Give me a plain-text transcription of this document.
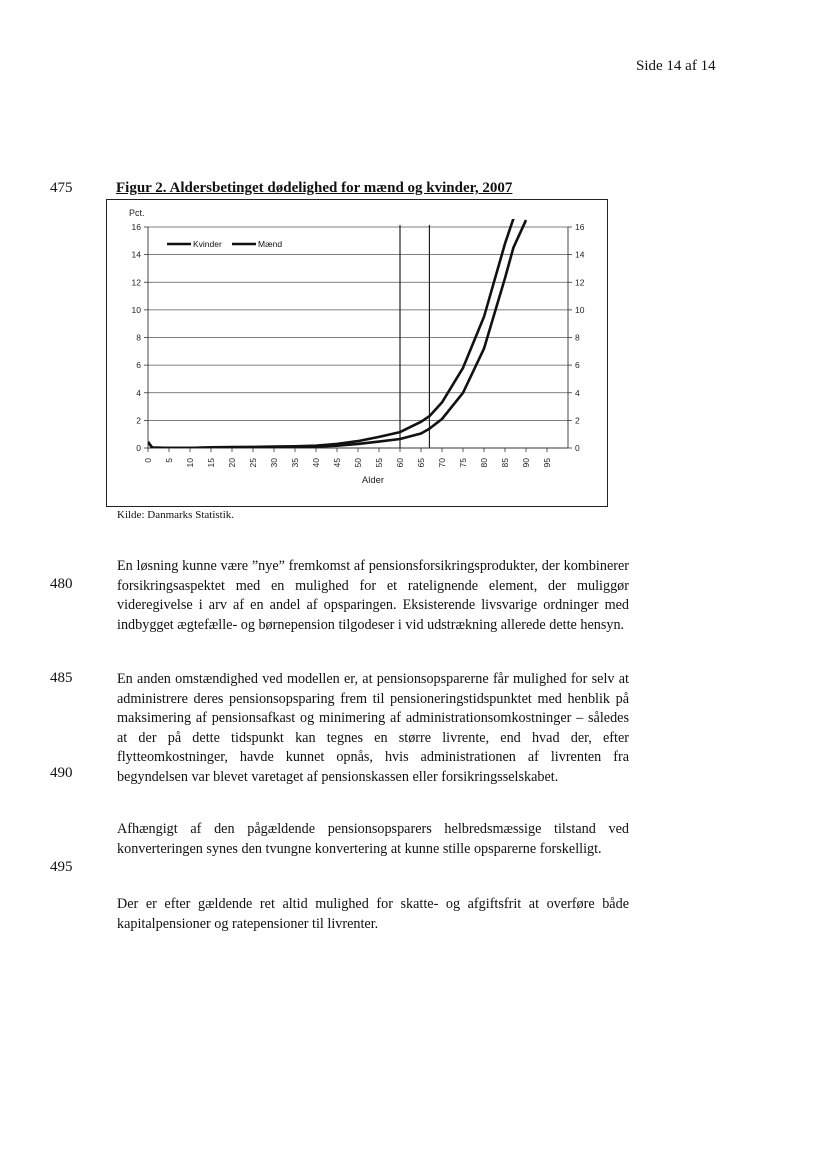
Side 14 af 14
475
480
485
490
495
Figur 2. Aldersbetinget dødelighed for mænd og kvinder, 2007
0
2
4
6
8
10
12
14
16
0
2
4
6
8
10
12
14
16
0 5 10 15 20 25 30 35 40 45 50 55 60 65 70 75 80 85 90 95
Pct.
Alder
Kvinder	Mænd
Kilde: Danmarks Statistik.

En løsning kunne være ”nye” fremkomst af pensionsforsikringsprodukter, der kombinerer forsikringsaspektet med en mulighed for et ratelignende element, der muliggør videregivelse i arv af en andel af opsparingen. Eksisterende livsvarige ordninger med indbygget ægtefælle- og børnepension tilgodeser i vid udstrækning allerede dette hensyn.

En anden omstændighed ved modellen er, at pensionsopsparerne får mulighed for selv at administrere deres pensionsopsparing frem til pensioneringstidspunktet med henblik på maksimering af pensionsafkast og minimering af administrationsomkostninger – således at der på dette tidspunkt kan tegnes en større livrente, end hvad der, efter flytteomkostninger, havde kunnet opnås, hvis administrationen af livrenten fra begyndelsen var blevet varetaget af pensionskassen eller forsikringsselskabet.

Afhængigt af den pågældende pensionsopsparers helbredsmæssige tilstand ved konverteringen synes den tvungne konvertering at kunne stille opsparerne forskelligt.

Der er efter gældende ret altid mulighed for skatte- og afgiftsfrit at overføre både kapitalpensioner og ratepensioner til livrenter.
